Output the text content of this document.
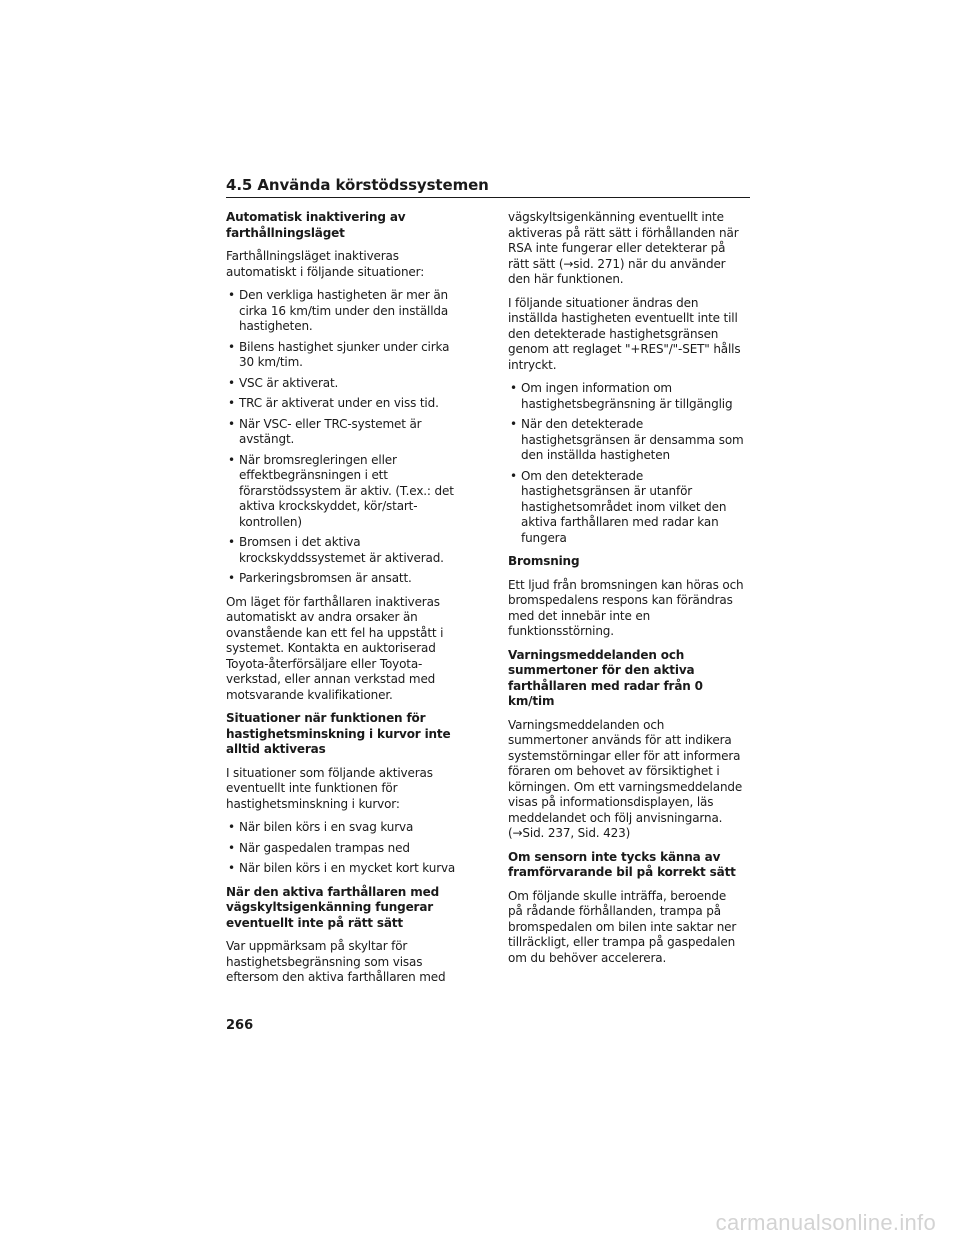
4.5 Använda körstödssystemen
Automatisk inaktivering av farthållningsläget

Farthållningsläget inaktiveras automatiskt i följande situationer:

• Den verkliga hastigheten är mer än cirka 16 km/tim under den inställda hastigheten.
• Bilens hastighet sjunker under cirka 30 km/tim.
• VSC är aktiverat.
• TRC är aktiverat under en viss tid.
• När VSC- eller TRC-systemet är avstängt.
• När bromsregleringen eller effektbegränsningen i ett förarstödssystem är aktiv. (T.ex.: det aktiva krockskyddet, kör/start-kontrollen)
• Bromsen i det aktiva krockskyddssystemet är aktiverad.
• Parkeringsbromsen är ansatt.

Om läget för farthållaren inaktiveras automatiskt av andra orsaker än ovanstående kan ett fel ha uppstått i systemet. Kontakta en auktoriserad Toyota-återförsäljare eller Toyota-verkstad, eller annan verkstad med motsvarande kvalifikationer.

Situationer när funktionen för hastighetsminskning i kurvor inte alltid aktiveras

I situationer som följande aktiveras eventuellt inte funktionen för hastighetsminskning i kurvor:

• När bilen körs i en svag kurva
• När gaspedalen trampas ned
• När bilen körs i en mycket kort kurva
När den aktiva farthållaren med vägskyltsigenkänning fungerar eventuellt inte på rätt sätt

Var uppmärksam på skyltar för hastighetsbegränsning som visas eftersom den aktiva farthållaren med

vägskyltsigenkänning eventuellt inte aktiveras på rätt sätt i förhållanden när RSA inte fungerar eller detekterar på rätt sätt (→sid. 271) när du använder den här funktionen.

I följande situationer ändras den inställda hastigheten eventuellt inte till den detekterade hastighetsgränsen genom att reglaget "+RES"/"-SET" hålls intryckt.

• Om ingen information om hastighetsbegränsning är tillgänglig
• När den detekterade hastighetsgränsen är densamma som den inställda hastigheten
• Om den detekterade hastighetsgränsen är utanför hastighetsområdet inom vilket den aktiva farthållaren med radar kan fungera
Bromsning

Ett ljud från bromsningen kan höras och bromspedalens respons kan förändras med det innebär inte en funktionsstörning.

Varningsmeddelanden och summertoner för den aktiva farthållaren med radar från 0 km/tim

Varningsmeddelanden och summertoner används för att indikera systemstörningar eller för att informera föraren om behovet av försiktighet i körningen. Om ett varningsmeddelande visas på informationsdisplayen, läs meddelandet och följ anvisningarna. (→Sid. 237, Sid. 423)

Om sensorn inte tycks känna av framförvarande bil på korrekt sätt

Om följande skulle inträffa, beroende på rådande förhållanden, trampa på bromspedalen om bilen inte saktar ner tillräckligt, eller trampa på gaspedalen om du behöver accelerera.

266
carmanualsonline.info
